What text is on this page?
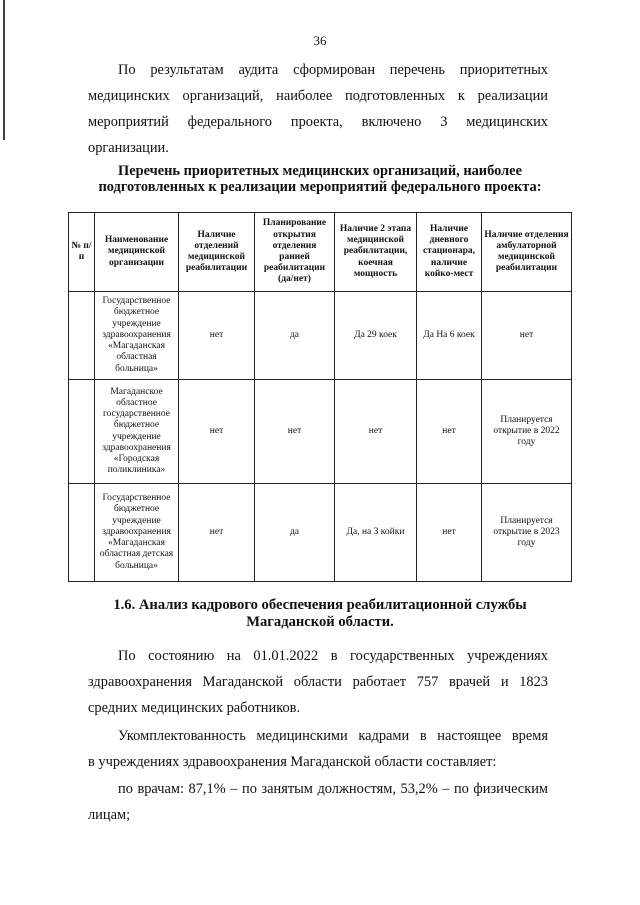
36
По результатам аудита сформирован перечень приоритетных
медицинских организаций, наиболее подготовленных к реализации
мероприятий федерального проекта, включено 3 медицинских
организации.
Перечень приоритетных медицинских организаций, наиболее
подготовленных к реализации мероприятий федерального проекта:
№ п/п	Наименование медицинской организации	Наличие отделений медицинской реабилитации	Планирование открытия отделения ранней реабилитации (да/нет)	Наличие 2 этапа медицинской реабилитации, коечная мощность	Наличие дневного стационара, наличие койко-мест	Наличие отделения амбулаторной медицинской реабилитации
	Государственное бюджетное учреждение здравоохранения «Магаданская областная больница»	нет	да	Да 29 коек	Да На 6 коек	нет
	Магаданское областное государственное бюджетное учреждение здравоохранения «Городская поликлиника»	нет	нет	нет	нет	Планируется открытие в 2022 году
	Государственное бюджетное учреждение здравоохранения «Магаданская областная детская больница»	нет	да	Да, на 3 койки	нет	Планируется открытие в 2023 году
1.6. Анализ кадрового обеспечения реабилитационной службы
Магаданской области.
По состоянию на 01.01.2022 в государственных учреждениях
здравоохранения Магаданской области работает 757 врачей и 1823
средних медицинских работников.
Укомплектованность медицинскими кадрами в настоящее время
в учреждениях здравоохранения Магаданской области составляет:
по врачам: 87,1% – по занятым должностям, 53,2% – по физическим
лицам;
